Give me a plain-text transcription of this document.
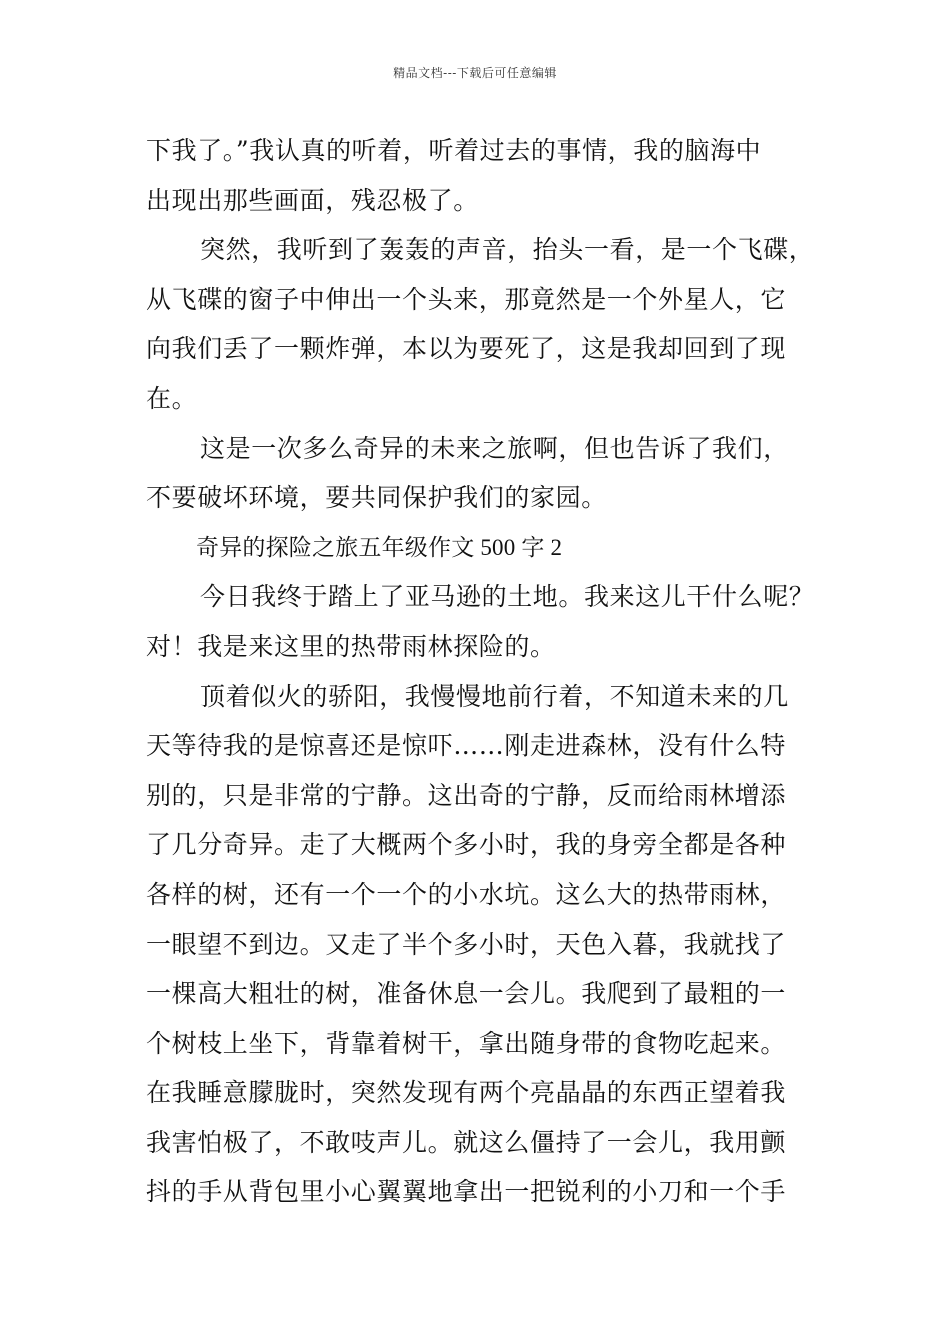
精品文档---下载后可任意编辑
下我了。”我认真的听着，听着过去的事情，我的脑海中
出现出那些画面，残忍极了。
突然，我听到了轰轰的声音，抬头一看，是一个飞碟，
从飞碟的窗子中伸出一个头来，那竟然是一个外星人，它
向我们丢了一颗炸弹，本以为要死了，这是我却回到了现
在。
这是一次多么奇异的未来之旅啊，但也告诉了我们，
不要破坏环境，要共同保护我们的家园。
奇异的探险之旅五年级作文 500 字 2
今日我终于踏上了亚马逊的土地。我来这儿干什么呢？
对！我是来这里的热带雨林探险的。
顶着似火的骄阳，我慢慢地前行着，不知道未来的几
天等待我的是惊喜还是惊吓……刚走进森林，没有什么特
别的，只是非常的宁静。这出奇的宁静，反而给雨林增添
了几分奇异。走了大概两个多小时，我的身旁全都是各种
各样的树，还有一个一个的小水坑。这么大的热带雨林，
一眼望不到边。又走了半个多小时，天色入暮，我就找了
一棵高大粗壮的树，准备休息一会儿。我爬到了最粗的一
个树枝上坐下，背靠着树干，拿出随身带的食物吃起来。
在我睡意朦胧时，突然发现有两个亮晶晶的东西正望着我
我害怕极了，不敢吱声儿。就这么僵持了一会儿，我用颤
抖的手从背包里小心翼翼地拿出一把锐利的小刀和一个手
